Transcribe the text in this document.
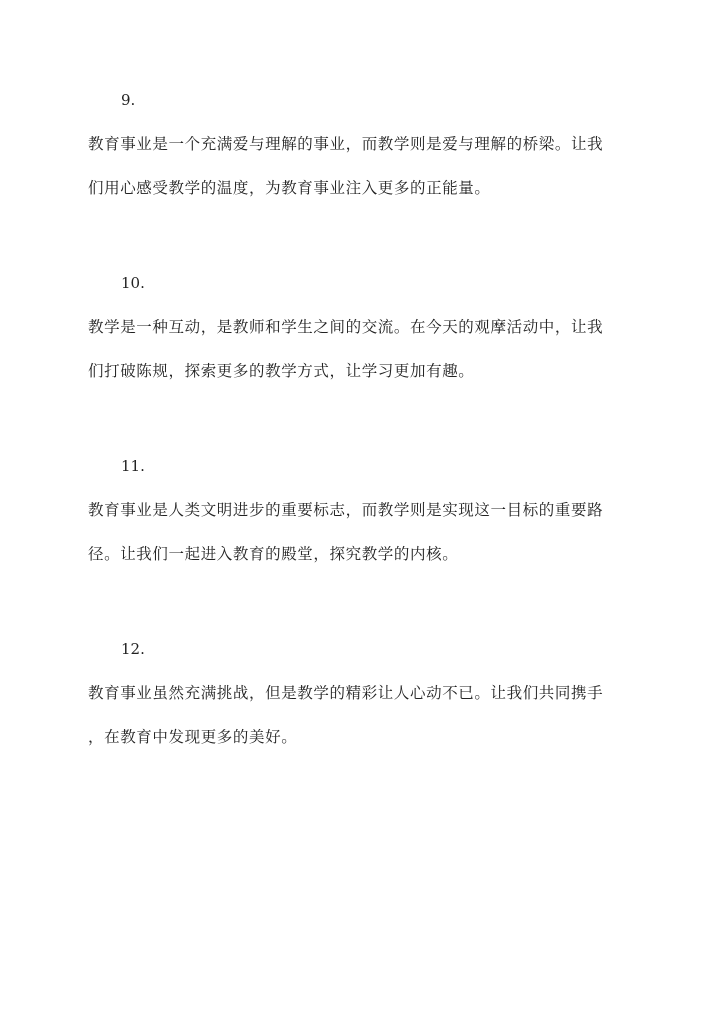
9.
教育事业是一个充满爱与理解的事业，而教学则是爱与理解的桥梁。让我
们用心感受教学的温度，为教育事业注入更多的正能量。
10.
教学是一种互动，是教师和学生之间的交流。在今天的观摩活动中，让我
们打破陈规，探索更多的教学方式，让学习更加有趣。
11.
教育事业是人类文明进步的重要标志，而教学则是实现这一目标的重要路
径。让我们一起进入教育的殿堂，探究教学的内核。
12.
教育事业虽然充满挑战，但是教学的精彩让人心动不已。让我们共同携手
，在教育中发现更多的美好。
